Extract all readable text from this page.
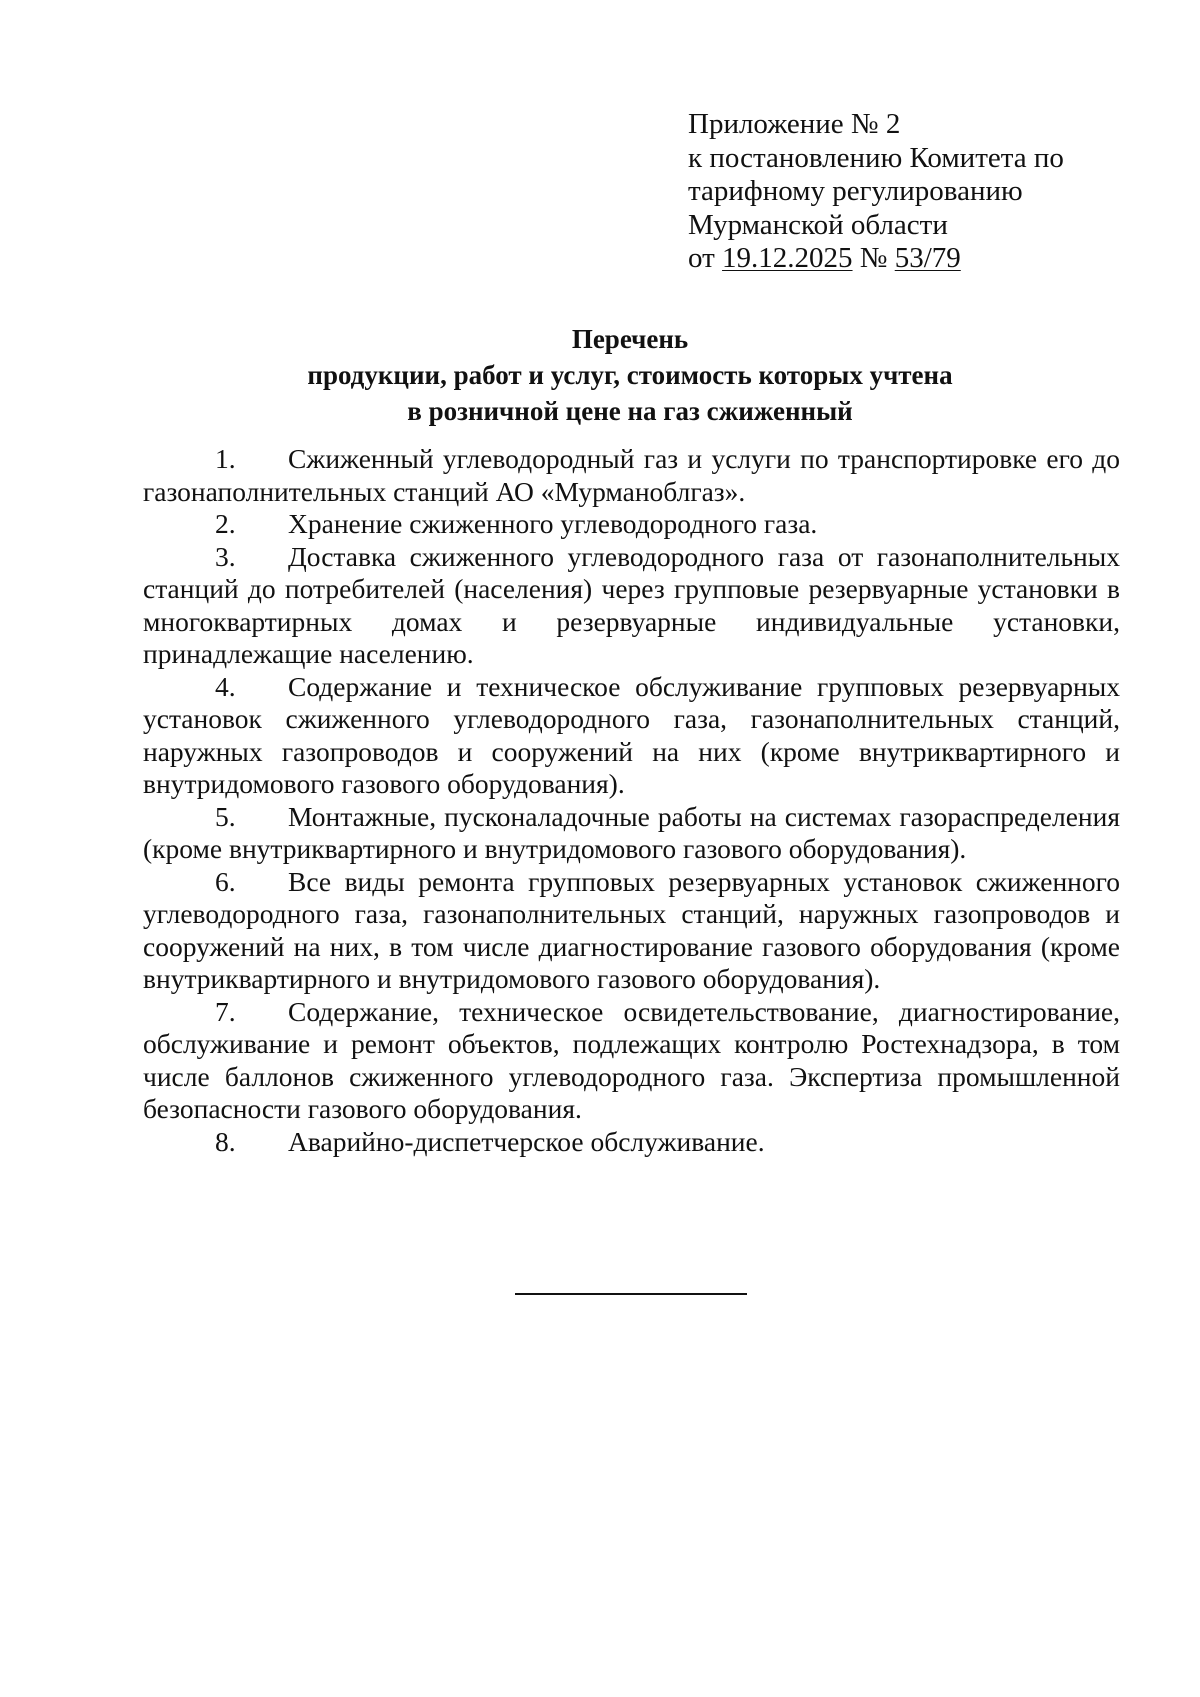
Приложение № 2
к постановлению Комитета по
тарифному регулированию
Мурманской области
от 19.12.2025 № 53/79
Перечень
продукции, работ и услуг, стоимость которых учтена
в розничной цене на газ сжиженный

1. Сжиженный углеводородный газ и услуги по транспортировке его до газонаполнительных станций АО «Мурманоблгаз».

2. Хранение сжиженного углеводородного газа.

3. Доставка сжиженного углеводородного газа от газонаполнительных станций до потребителей (населения) через групповые резервуарные установки в многоквартирных домах и резервуарные индивидуальные установки, принадлежащие населению.

4. Содержание и техническое обслуживание групповых резервуарных установок сжиженного углеводородного газа, газонаполнительных станций, наружных газопроводов и сооружений на них (кроме внутриквартирного и внутридомового газового оборудования).

5. Монтажные, пусконаладочные работы на системах газораспределения (кроме внутриквартирного и внутридомового газового оборудования).

6. Все виды ремонта групповых резервуарных установок сжиженного углеводородного газа, газонаполнительных станций, наружных газопроводов и сооружений на них, в том числе диагностирование газового оборудования (кроме внутриквартирного и внутридомового газового оборудования).

7. Содержание, техническое освидетельствование, диагностирование, обслуживание и ремонт объектов, подлежащих контролю Ростехнадзора, в том числе баллонов сжиженного углеводородного газа. Экспертиза промышленной безопасности газового оборудования.

8. Аварийно-диспетчерское обслуживание.
